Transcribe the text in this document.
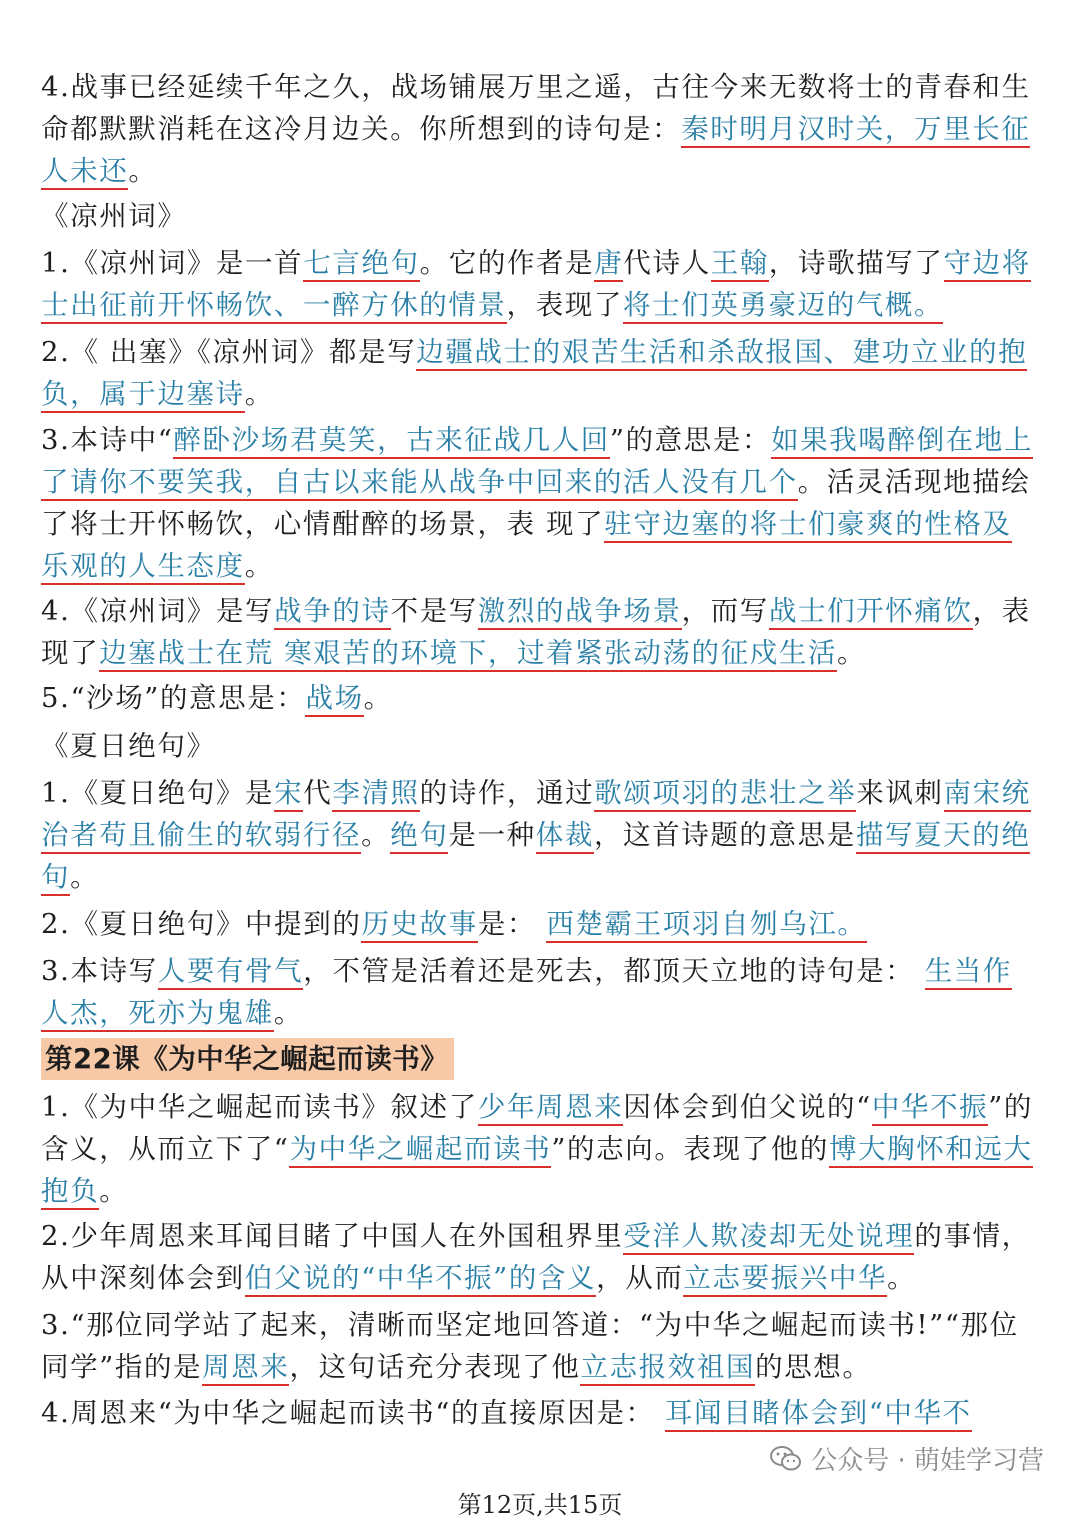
4.战事已经延续千年之久，战场铺展万里之遥，古往今来无数将士的青春和生命都默默消耗在这冷月边关。你所想到的诗句是：秦时明月汉时关，万里长征人未还。
《凉州词》
1.《凉州词》是一首七言绝句。它的作者是唐代诗人王翰，诗歌描写了守边将士出征前开怀畅饮、一醉方休的情景，表现了将士们英勇豪迈的气概。
2.《 出塞》《凉州词》都是写边疆战士的艰苦生活和杀敌报国、建功立业的抱负，属于边塞诗。
3.本诗中“醉卧沙场君莫笑，古来征战几人回”的意思是：如果我喝醉倒在地上了请你不要笑我，自古以来能从战争中回来的活人没有几个。活灵活现地描绘了将士开怀畅饮，心情酣醉的场景，表 现了驻守边塞的将士们豪爽的性格及乐观的人生态度。
4.《凉州词》是写战争的诗不是写激烈的战争场景，而写战士们开怀痛饮，表现了边塞战士在荒 寒艰苦的环境下，过着紧张动荡的征戍生活。
5.“沙场”的意思是：战场。
《夏日绝句》
1.《夏日绝句》是宋代李清照的诗作，通过歌颂项羽的悲壮之举来讽刺南宋统治者苟且偷生的软弱行径。绝句是一种体裁，这首诗题的意思是描写夏天的绝句。
2.《夏日绝句》中提到的历史故事是： 西楚霸王项羽自刎乌江。
3.本诗写人要有骨气，不管是活着还是死去，都顶天立地的诗句是： 生当作人杰，死亦为鬼雄。
第22课《为中华之崛起而读书》
1.《为中华之崛起而读书》叙述了少年周恩来因体会到伯父说的“中华不振”的含义，从而立下了“为中华之崛起而读书”的志向。表现了他的博大胸怀和远大抱负。
2.少年周恩来耳闻目睹了中国人在外国租界里受洋人欺凌却无处说理的事情，从中深刻体会到伯父说的“中华不振”的含义，从而立志要振兴中华。
3.“那位同学站了起来，清晰而坚定地回答道：“为中华之崛起而读书!”“那位同学”指的是周恩来，这句话充分表现了他立志报效祖国的思想。
4.周恩来“为中华之崛起而读书“的直接原因是： 耳闻目睹体会到“中华不
公众号 · 萌娃学习营
第12页,共15页
